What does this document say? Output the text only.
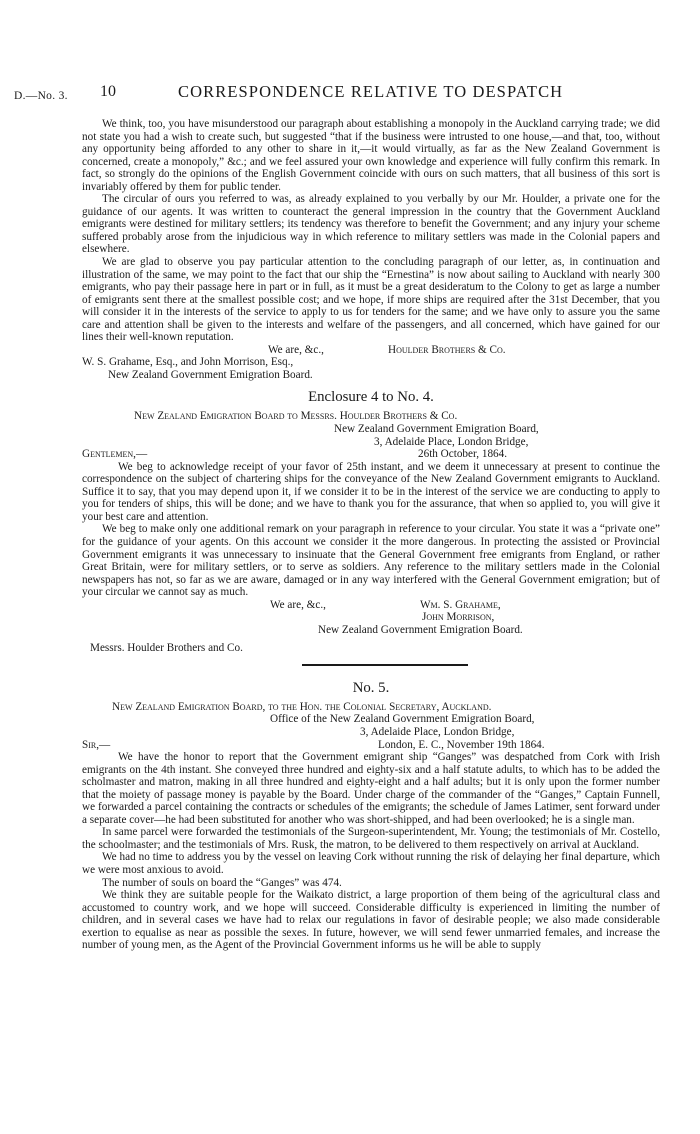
D.—No. 3. 10	CORRESPONDENCE RELATIVE TO DESPATCH

We think, too, you have misunderstood our paragraph about establishing a monopoly in the Auckland carrying trade; we did not state you had a wish to create such, but suggested “that if the business were intrusted to one house,—and that, too, without any opportunity being afforded to any other to share in it,—it would virtually, as far as the New Zealand Government is concerned, create a monopoly,” &c.; and we feel assured your own knowledge and experience will fully confirm this remark. In fact, so strongly do the opinions of the English Government coincide with ours on such matters, that all business of this sort is invariably offered by them for public tender.

The circular of ours you referred to was, as already explained to you verbally by our Mr. Houlder, a private one for the guidance of our agents. It was written to counteract the general impression in the country that the Government Auckland emigrants were destined for military settlers; its tendency was therefore to benefit the Government; and any injury your scheme suffered probably arose from the injudicious way in which reference to military settlers was made in the Colonial papers and elsewhere.

We are glad to observe you pay particular attention to the concluding paragraph of our letter, as, in continuation and illustration of the same, we may point to the fact that our ship the “Ernestina” is now about sailing to Auckland with nearly 300 emigrants, who pay their passage here in part or in full, as it must be a great desideratum to the Colony to get as large a number of emigrants sent there at the smallest possible cost; and we hope, if more ships are required after the 31st December, that you will consider it in the interests of the service to apply to us for tenders for the same; and we have only to assure you the same care and attention shall be given to the interests and welfare of the passengers, and all concerned, which have gained for our lines their well-known reputation.

We are, &c.,	Houlder Brothers & Co.

W. S. Grahame, Esq., and John Morrison, Esq.,

New Zealand Government Emigration Board.

Enclosure 4 to No. 4.

New Zealand Emigration Board to Messrs. Houlder Brothers & Co.

New Zealand Government Emigration Board,

3, Adelaide Place, London Bridge,

Gentlemen,—	26th October, 1864.

We beg to acknowledge receipt of your favor of 25th instant, and we deem it unnecessary at present to continue the correspondence on the subject of chartering ships for the conveyance of the New Zealand Government emigrants to Auckland. Suffice it to say, that you may depend upon it, if we consider it to be in the interest of the service we are conducting to apply to you for tenders of ships, this will be done; and we have to thank you for the assurance, that when so applied to, you will give it your best care and attention.

We beg to make only one additional remark on your paragraph in reference to your circular. You state it was a “private one” for the guidance of your agents. On this account we consider it the more dangerous. In protecting the assisted or Provincial Government emigrants it was unnecessary to insinuate that the General Government free emigrants from England, or rather Great Britain, were for military settlers, or to serve as soldiers. Any reference to the military settlers made in the Colonial newspapers has not, so far as we are aware, damaged or in any way interfered with the General Government emigration; but of your circular we cannot say as much.

We are, &c.,	Wm. S. Grahame,

John Morrison,

New Zealand Government Emigration Board.

Messrs. Houlder Brothers and Co.

No. 5.

New Zealand Emigration Board, to the Hon. the Colonial Secretary, Auckland.

Office of the New Zealand Government Emigration Board,

3, Adelaide Place, London Bridge,

Sir,—	London, E. C., November 19th 1864.

We have the honor to report that the Government emigrant ship “Ganges” was despatched from Cork with Irish emigrants on the 4th instant. She conveyed three hundred and eighty-six and a half statute adults, to which has to be added the scholmaster and matron, making in all three hundred and eighty-eight and a half adults; but it is only upon the former number that the moiety of passage money is payable by the Board. Under charge of the commander of the “Ganges,” Captain Funnell, we forwarded a parcel containing the contracts or schedules of the emigrants; the schedule of James Latimer, sent forward under a separate cover—he had been substituted for another who was short-shipped, and had been overlooked; he is a single man.

In same parcel were forwarded the testimonials of the Surgeon-superintendent, Mr. Young; the testimonials of Mr. Costello, the schoolmaster; and the testimonials of Mrs. Rusk, the matron, to be delivered to them respectively on arrival at Auckland.

We had no time to address you by the vessel on leaving Cork without running the risk of delaying her final departure, which we were most anxious to avoid.

The number of souls on board the “Ganges” was 474.

We think they are suitable people for the Waikato district, a large proportion of them being of the agricultural class and accustomed to country work, and we hope will succeed. Considerable difficulty is experienced in limiting the number of children, and in several cases we have had to relax our regulations in favor of desirable people; we also made considerable exertion to equalise as near as possible the sexes. In future, however, we will send fewer unmarried females, and increase the number of young men, as the Agent of the Provincial Government informs us he will be able to supply
